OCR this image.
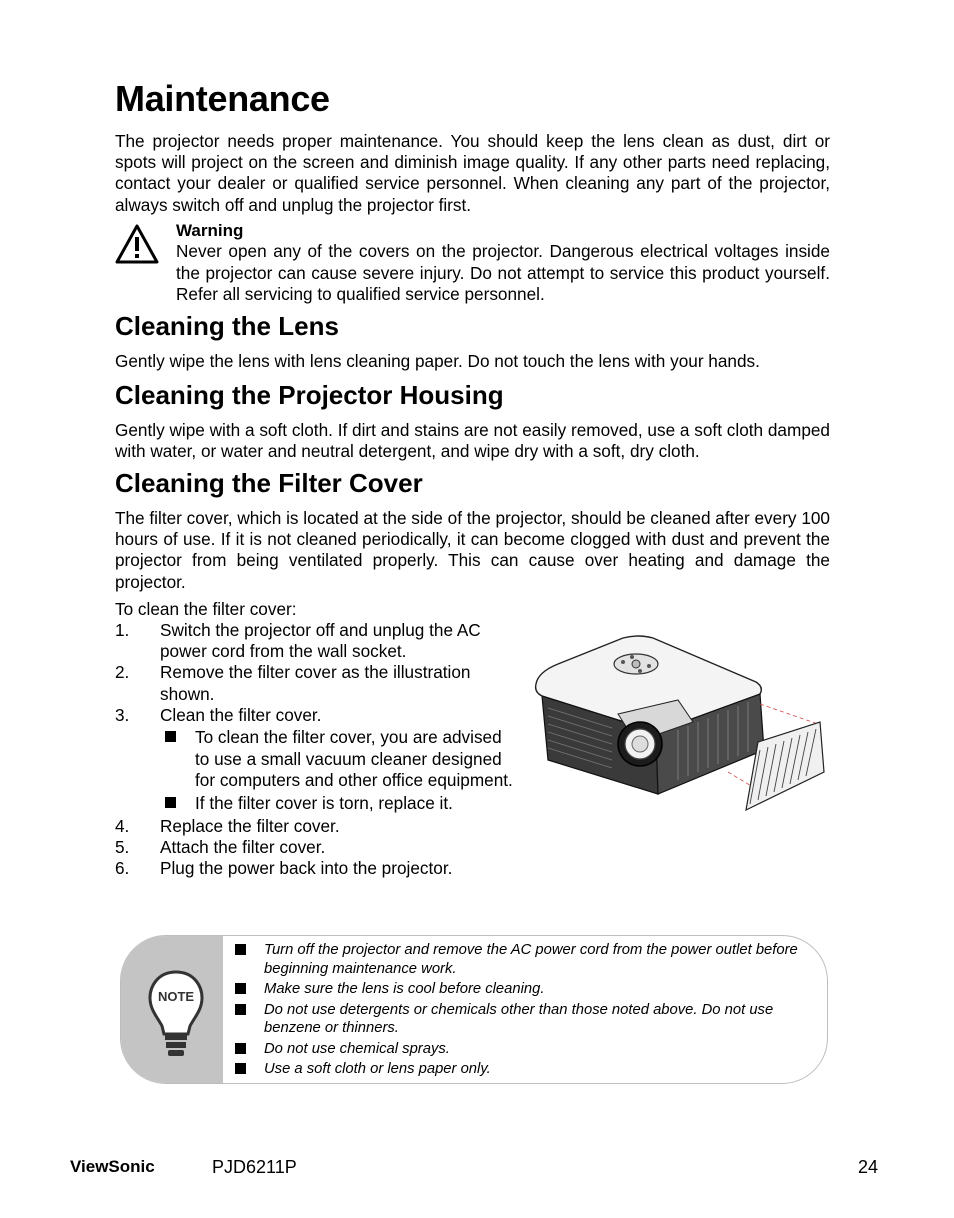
Maintenance

The projector needs proper maintenance. You should keep the lens clean as dust, dirt or spots will project on the screen and diminish image quality. If any other parts need replacing, contact your dealer or qualified service personnel. When cleaning any part of the projector, always switch off and unplug the projector first.

Warning

Never open any of the covers on the projector. Dangerous electrical voltages inside the projector can cause severe injury. Do not attempt to service this product yourself. Refer all servicing to qualified service personnel.

Cleaning the Lens

Gently wipe the lens with lens cleaning paper. Do not touch the lens with your hands.

Cleaning the Projector Housing

Gently wipe with a soft cloth. If dirt and stains are not easily removed, use a soft cloth damped with water, or water and neutral detergent, and wipe dry with a soft, dry cloth.

Cleaning the Filter Cover

The filter cover, which is located at the side of the projector, should be cleaned after every 100 hours of use. If it is not cleaned periodically, it can become clogged with dust and prevent the projector from being ventilated properly. This can cause over heating and damage the projector.

To clean the filter cover:
1. Switch the projector off and unplug the AC power cord from the wall socket.
2. Remove the filter cover as the illustration shown.
3. Clean the filter cover.
To clean the filter cover, you are advised to use a small vacuum cleaner designed for computers and other office equipment.
If the filter cover is torn, replace it.
4. Replace the filter cover.
5. Attach the filter cover.
6. Plug the power back into the projector.
NOTE
Turn off the projector and remove the AC power cord from the power outlet before beginning maintenance work.
Make sure the lens is cool before cleaning.
Do not use detergents or chemicals other than those noted above. Do not use benzene or thinners.
Do not use chemical sprays.
Use a soft cloth or lens paper only.
ViewSonic	PJD6211P	24
